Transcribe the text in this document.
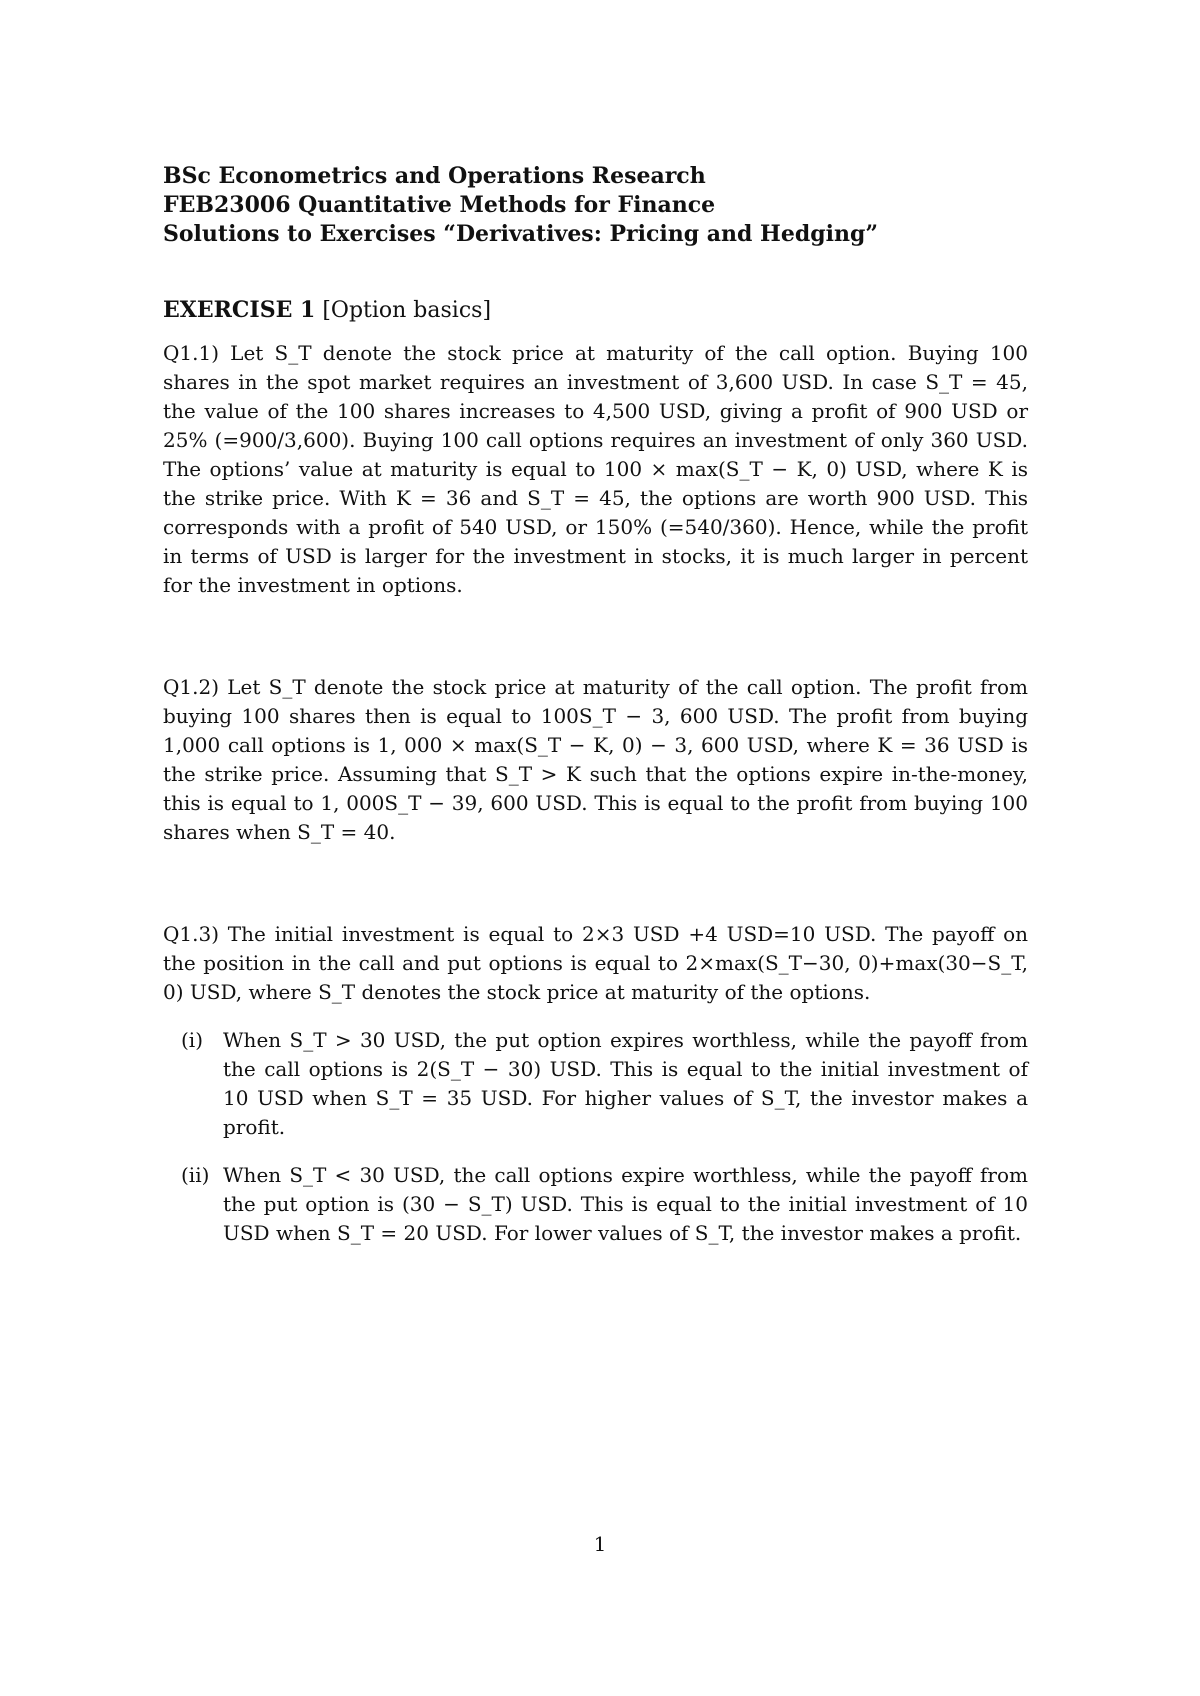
BSc Econometrics and Operations Research
FEB23006 Quantitative Methods for Finance
Solutions to Exercises “Derivatives: Pricing and Hedging”
EXERCISE 1 [Option basics]

Q1.1) Let S_T denote the stock price at maturity of the call option. Buying 100 shares in the spot market requires an investment of 3,600 USD. In case S_T = 45, the value of the 100 shares increases to 4,500 USD, giving a profit of 900 USD or 25% (=900/3,600). Buying 100 call options requires an investment of only 360 USD. The options’ value at maturity is equal to 100 × max(S_T − K, 0) USD, where K is the strike price. With K = 36 and S_T = 45, the options are worth 900 USD. This corresponds with a profit of 540 USD, or 150% (=540/360). Hence, while the profit in terms of USD is larger for the investment in stocks, it is much larger in percent for the investment in options.

Q1.2) Let S_T denote the stock price at maturity of the call option. The profit from buying 100 shares then is equal to 100S_T − 3, 600 USD. The profit from buying 1,000 call options is 1, 000 × max(S_T − K, 0) − 3, 600 USD, where K = 36 USD is the strike price. Assuming that S_T > K such that the options expire in-the-money, this is equal to 1, 000S_T − 39, 600 USD. This is equal to the profit from buying 100 shares when S_T = 40.

Q1.3) The initial investment is equal to 2×3 USD +4 USD=10 USD. The payoff on the position in the call and put options is equal to 2×max(S_T−30, 0)+max(30−S_T, 0) USD, where S_T denotes the stock price at maturity of the options.

(i) When S_T > 30 USD, the put option expires worthless, while the payoff from the call options is 2(S_T − 30) USD. This is equal to the initial investment of 10 USD when S_T = 35 USD. For higher values of S_T, the investor makes a profit.
(ii) When S_T < 30 USD, the call options expire worthless, while the payoff from the put option is (30 − S_T) USD. This is equal to the initial investment of 10 USD when S_T = 20 USD. For lower values of S_T, the investor makes a profit.
1
